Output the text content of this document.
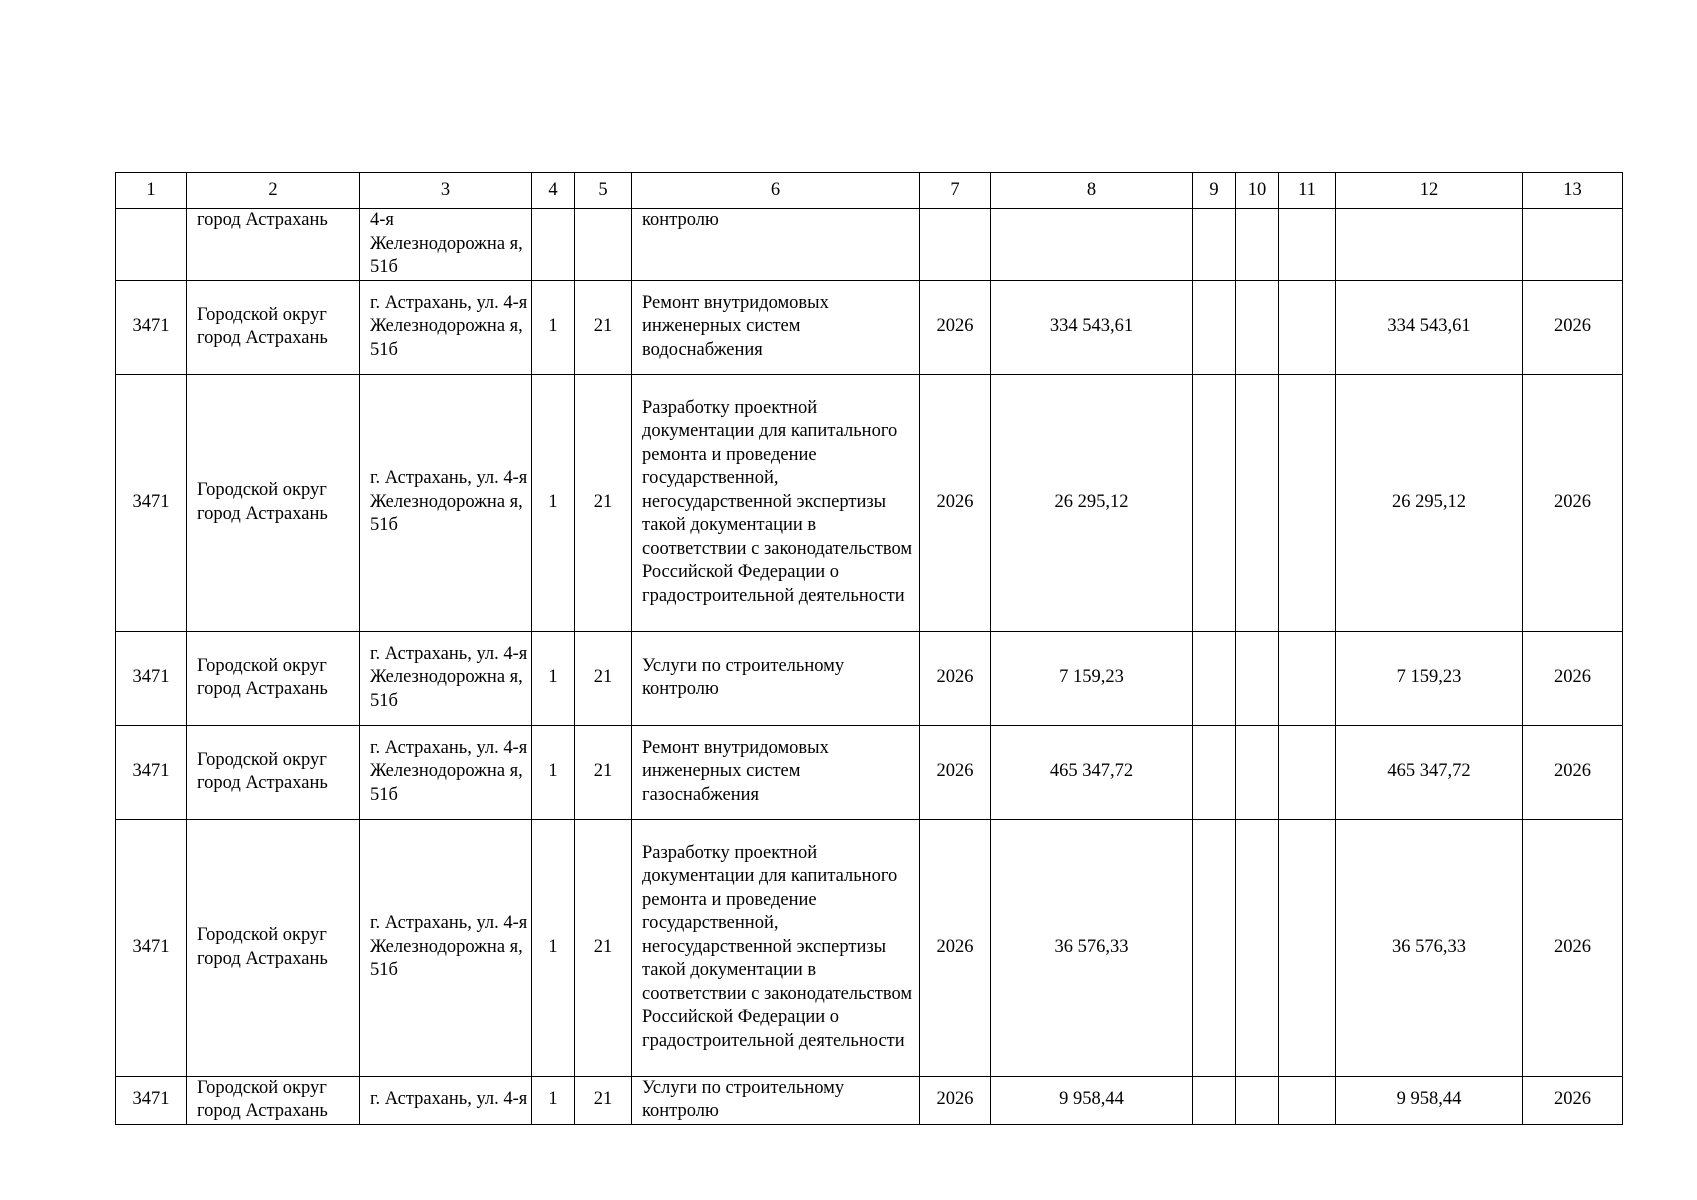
1	2	3	4	5	6	7	8	9	10	11	12	13
	город Астрахань	4-я Железнодорожна я, 51б			контролю							
3471	Городской округ город Астрахань	г. Астрахань, ул. 4-я Железнодорожна я, 51б	1	21	Ремонт внутридомовых инженерных систем водоснабжения	2026	334 543,61				334 543,61	2026
3471	Городской округ город Астрахань	г. Астрахань, ул. 4-я Железнодорожна я, 51б	1	21	Разработку проектной документации для капитального ремонта и проведение государственной, негосударственной экспертизы такой документации в соответствии с законодательством Российской Федерации о градостроительной деятельности	2026	26 295,12				26 295,12	2026
3471	Городской округ город Астрахань	г. Астрахань, ул. 4-я Железнодорожна я, 51б	1	21	Услуги по строительному контролю	2026	7 159,23				7 159,23	2026
3471	Городской округ город Астрахань	г. Астрахань, ул. 4-я Железнодорожна я, 51б	1	21	Ремонт внутридомовых инженерных систем газоснабжения	2026	465 347,72				465 347,72	2026
3471	Городской округ город Астрахань	г. Астрахань, ул. 4-я Железнодорожна я, 51б	1	21	Разработку проектной документации для капитального ремонта и проведение государственной, негосударственной экспертизы такой документации в соответствии с законодательством Российской Федерации о градостроительной деятельности	2026	36 576,33				36 576,33	2026
3471	Городской округ город Астрахань	г. Астрахань, ул. 4-я	1	21	Услуги по строительному контролю	2026	9 958,44				9 958,44	2026
